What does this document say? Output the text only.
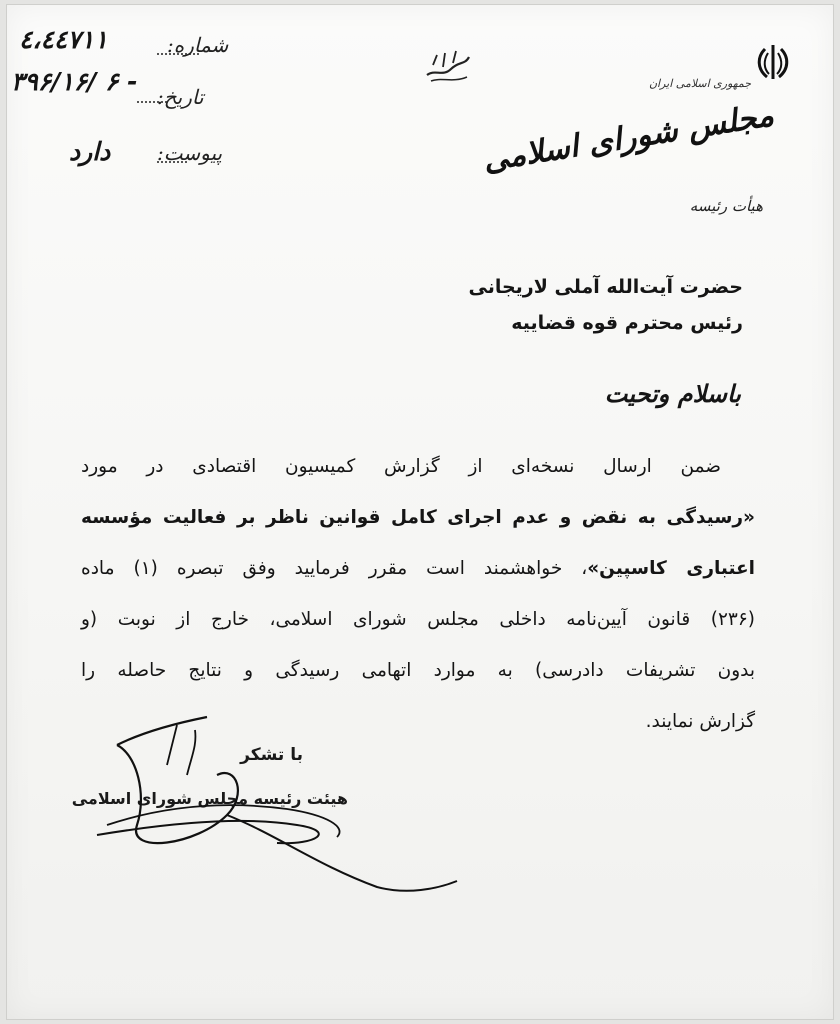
٤،٤٤٧١١	شماره:
۳۹۶/۱۶/ ۶ -
تاریخ:
دارد پیوست:
جمهوری اسلامی ایران
مجلس شورای اسلامی
هیأت رئیسه
حضرت آیت‌الله آملی لاریجانی
رئیس محترم قوه قضاییه
باسلام وتحیت
ضمن ارسال نسخه‌ای از گزارش کمیسیون اقتصادی در مورد
«رسیدگی به نقض و عدم اجرای کامل قوانین ناظر بر فعالیت مؤسسه
اعتباری کاسپین»، خواهشمند است مقرر فرمایید وفق تبصره (۱) ماده
(۲۳۶) قانون آیین‌نامه داخلی مجلس شورای اسلامی، خارج از نوبت (و
بدون تشریفات دادرسی) به موارد اتهامی رسیدگی و نتایج حاصله را
گزارش نمایند.
با تشکر
هیئت رئیسه مجلس شورای اسلامی
